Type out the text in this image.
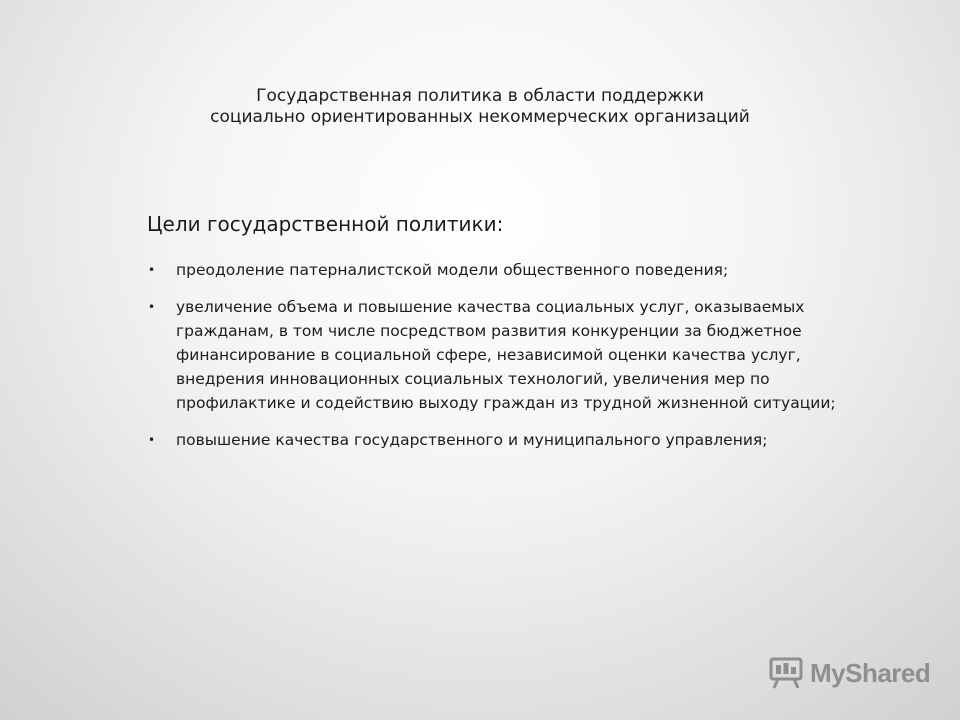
Государственная политика в области поддержки
социально ориентированных некоммерческих организаций
Цели государственной политики:
• преодоление патерналистской модели общественного поведения;
• увеличение объема и повышение качества социальных услуг, оказываемых гражданам, в том числе посредством развития конкуренции за бюджетное финансирование в социальной сфере, независимой оценки качества услуг, внедрения инновационных социальных технологий, увеличения мер по профилактике и содействию выходу граждан из трудной жизненной ситуации;
• повышение качества государственного и муниципального управления;
MyShared
